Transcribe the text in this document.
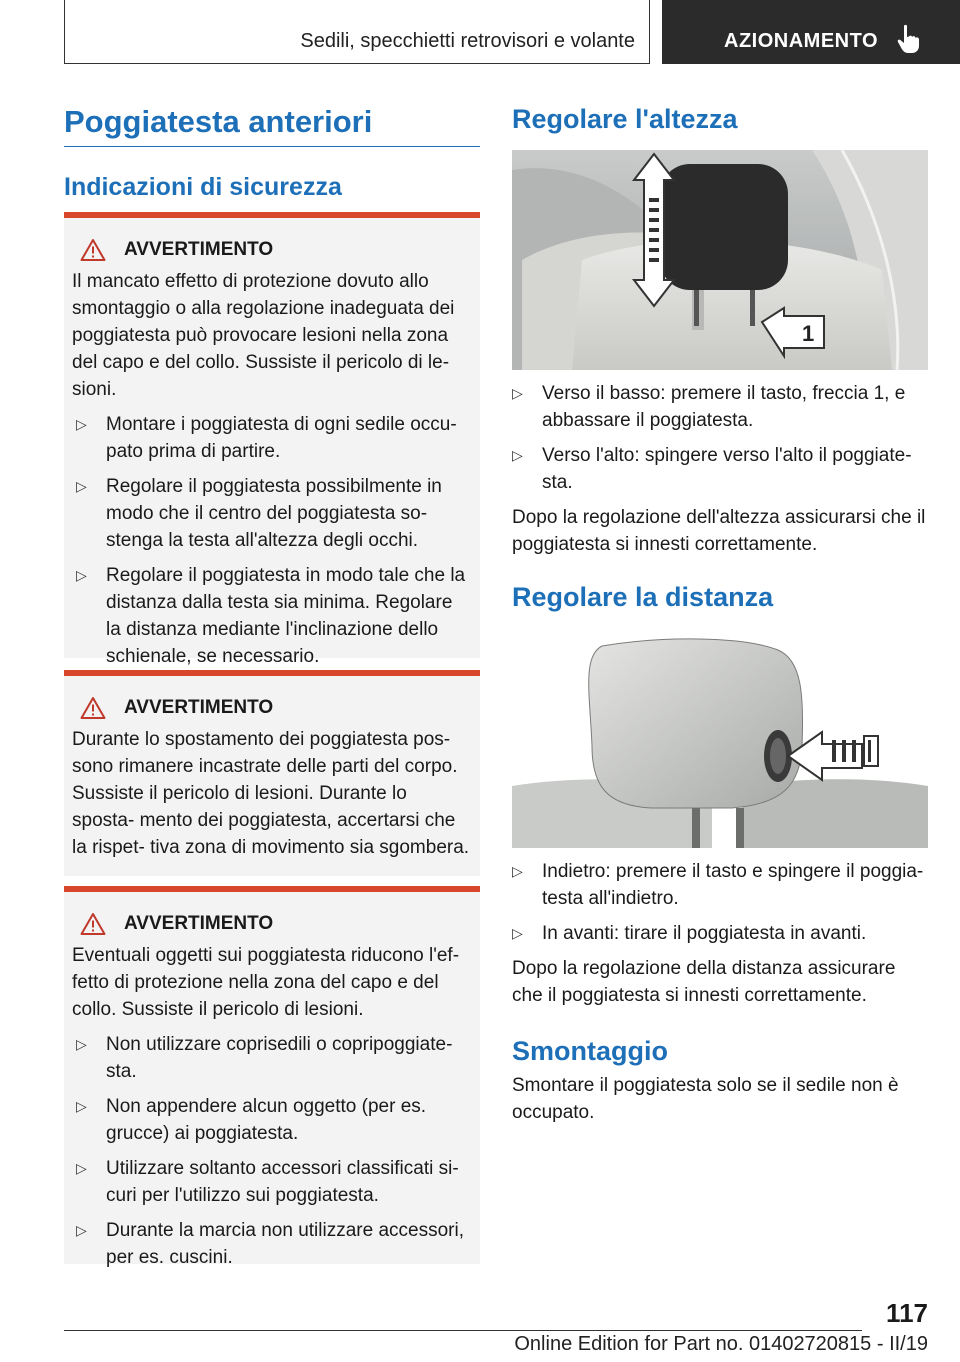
Sedili, specchietti retrovisori e volante	AZIONAMENTO
Poggiatesta anteriori
Indicazioni di sicurezza
AVVERTIMENTO
Il mancato effetto di protezione dovuto allo smontaggio o alla regolazione inadeguata dei poggiatesta può provocare lesioni nella zona del capo e del collo. Sussiste il pericolo di le‐ sioni.
▷	Montare i poggiatesta di ogni sedile occu‐ pato prima di partire.
▷	Regolare il poggiatesta possibilmente in modo che il centro del poggiatesta so‐ stenga la testa all'altezza degli occhi.
▷	Regolare il poggiatesta in modo tale che la distanza dalla testa sia minima. Regolare la distanza mediante l'inclinazione dello schienale, se necessario.
AVVERTIMENTO
Durante lo spostamento dei poggiatesta pos‐ sono rimanere incastrate delle parti del corpo. Sussiste il pericolo di lesioni. Durante lo sposta‐ mento dei poggiatesta, accertarsi che la rispet‐ tiva zona di movimento sia sgombera.
AVVERTIMENTO
Eventuali oggetti sui poggiatesta riducono l'ef‐ fetto di protezione nella zona del capo e del collo. Sussiste il pericolo di lesioni.
▷	Non utilizzare coprisedili o copripoggiate‐ sta.
▷	Non appendere alcun oggetto (per es. grucce) ai poggiatesta.
▷	Utilizzare soltanto accessori classificati si‐ curi per l'utilizzo sui poggiatesta.
▷	Durante la marcia non utilizzare accessori, per es. cuscini.
Regolare l'altezza
1
▷	Verso il basso: premere il tasto, freccia 1, e abbassare il poggiatesta.
▷	Verso l'alto: spingere verso l'alto il poggiate‐ sta.
Dopo la regolazione dell'altezza assicurarsi che il poggiatesta si innesti correttamente.
Regolare la distanza
▷	Indietro: premere il tasto e spingere il poggia‐ testa all'indietro.
▷	In avanti: tirare il poggiatesta in avanti.
Dopo la regolazione della distanza assicurare che il poggiatesta si innesti correttamente.
Smontaggio
Smontare il poggiatesta solo se il sedile non è occupato.
117
Online Edition for Part no. 01402720815 - II/19
